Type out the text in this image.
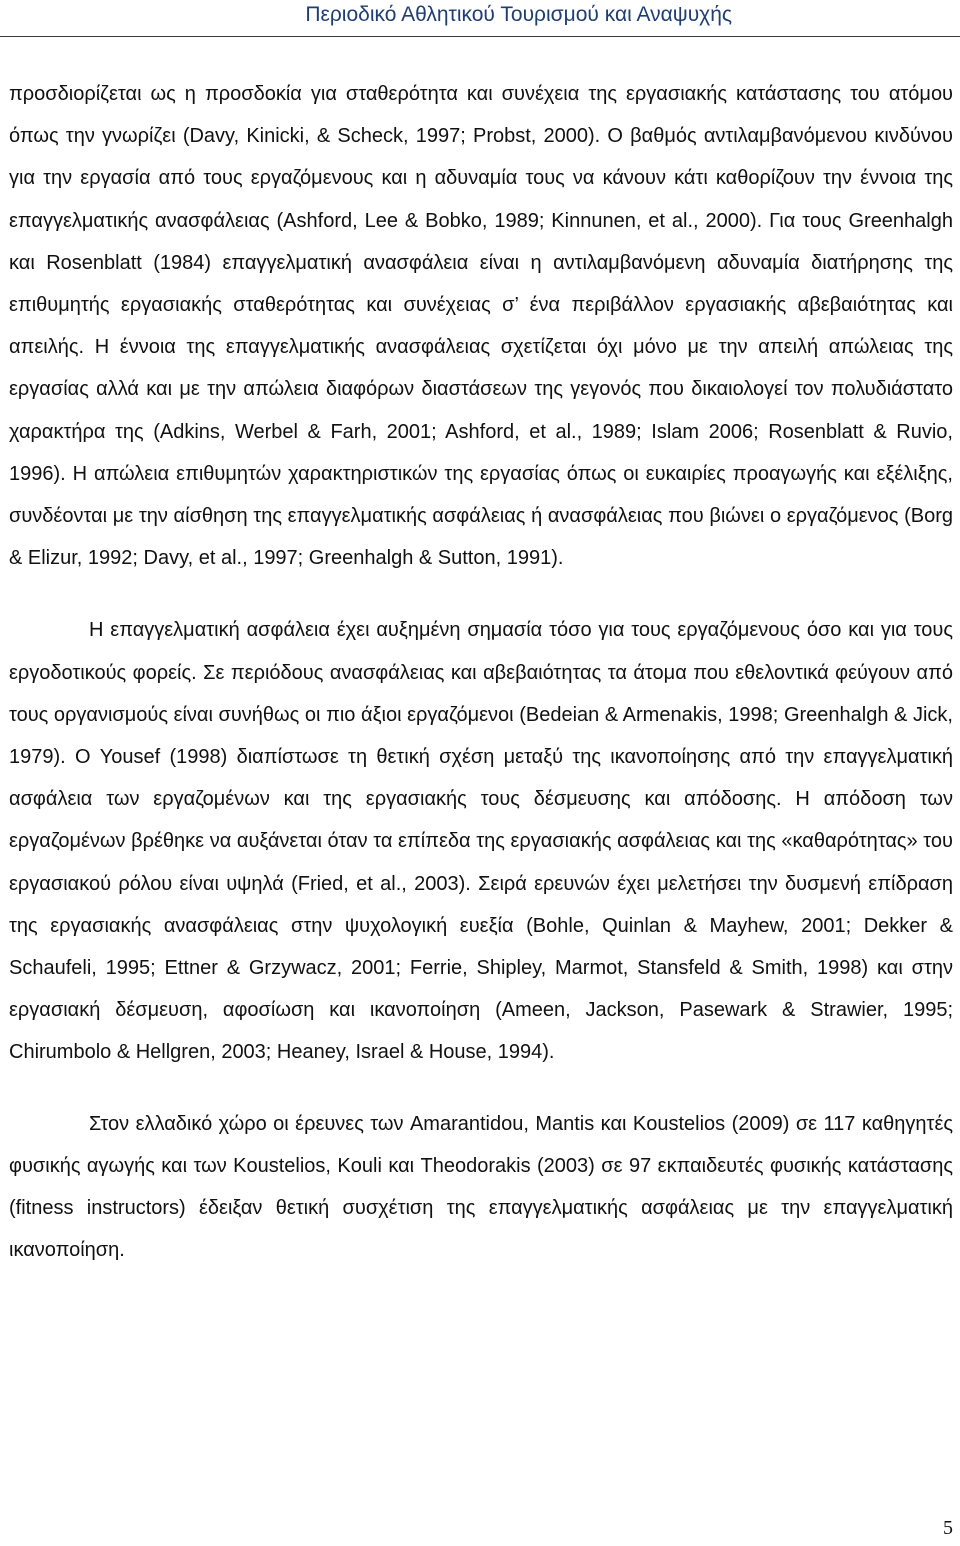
Περιοδικό Αθλητικού Τουρισμού και Αναψυχής

προσδιορίζεται ως η προσδοκία για σταθερότητα και συνέχεια της εργασιακής κατάστασης του ατόμου όπως την γνωρίζει (Davy, Kinicki, & Scheck, 1997; Probst, 2000). Ο βαθμός αντιλαμβανόμενου κινδύνου για την εργασία από τους εργαζόμενους και η αδυναμία τους να κάνουν κάτι καθορίζουν την έννοια της επαγγελματικής ανασφάλειας (Ashford, Lee & Bobko, 1989; Kinnunen, et al., 2000). Για τους Greenhalgh και Rosenblatt (1984) επαγγελματική ανασφάλεια είναι η αντιλαμβανόμενη αδυναμία διατήρησης της επιθυμητής εργασιακής σταθερότητας και συνέχειας σ’ ένα περιβάλλον εργασιακής αβεβαιότητας και απειλής. Η έννοια της επαγγελματικής ανασφάλειας σχετίζεται όχι μόνο με την απειλή απώλειας της εργασίας αλλά και με την απώλεια διαφόρων διαστάσεων της γεγονός που δικαιολογεί τον πολυδιάστατο χαρακτήρα της (Adkins, Werbel & Farh, 2001; Ashford, et al., 1989; Islam 2006; Rosenblatt & Ruvio, 1996). Η απώλεια επιθυμητών χαρακτηριστικών της εργασίας όπως οι ευκαιρίες προαγωγής και εξέλιξης, συνδέονται με την αίσθηση της επαγγελματικής ασφάλειας ή ανασφάλειας που βιώνει ο εργαζόμενος (Borg & Elizur, 1992; Davy, et al., 1997; Greenhalgh & Sutton, 1991).

Η επαγγελματική ασφάλεια έχει αυξημένη σημασία τόσο για τους εργαζόμενους όσο και για τους εργοδοτικούς φορείς. Σε περιόδους ανασφάλειας και αβεβαιότητας τα άτομα που εθελοντικά φεύγουν από τους οργανισμούς είναι συνήθως οι πιο άξιοι εργαζόμενοι (Bedeian & Armenakis, 1998; Greenhalgh & Jick, 1979). Ο Yousef (1998) διαπίστωσε τη θετική σχέση μεταξύ της ικανοποίησης από την επαγγελματική ασφάλεια των εργαζομένων και της εργασιακής τους δέσμευσης και απόδοσης. Η απόδοση των εργαζομένων βρέθηκε να αυξάνεται όταν τα επίπεδα της εργασιακής ασφάλειας και της «καθαρότητας» του εργασιακού ρόλου είναι υψηλά (Fried, et al., 2003). Σειρά ερευνών έχει μελετήσει την δυσμενή επίδραση της εργασιακής ανασφάλειας στην ψυχολογική ευεξία (Bohle, Quinlan & Mayhew, 2001; Dekker & Schaufeli, 1995; Ettner & Grzywacz, 2001; Ferrie, Shipley, Marmot, Stansfeld & Smith, 1998) και στην εργασιακή δέσμευση, αφοσίωση και ικανοποίηση (Ameen, Jackson, Pasewark & Strawier, 1995; Chirumbolo & Hellgren, 2003; Heaney, Israel & House, 1994).

Στον ελλαδικό χώρο οι έρευνες των Amarantidou, Mantis και Koustelios (2009) σε 117 καθηγητές φυσικής αγωγής και των Koustelios, Kouli και Theodorakis (2003) σε 97 εκπαιδευτές φυσικής κατάστασης (fitness instructors) έδειξαν θετική συσχέτιση της επαγγελματικής ασφάλειας με την επαγγελματική ικανοποίηση.

5
